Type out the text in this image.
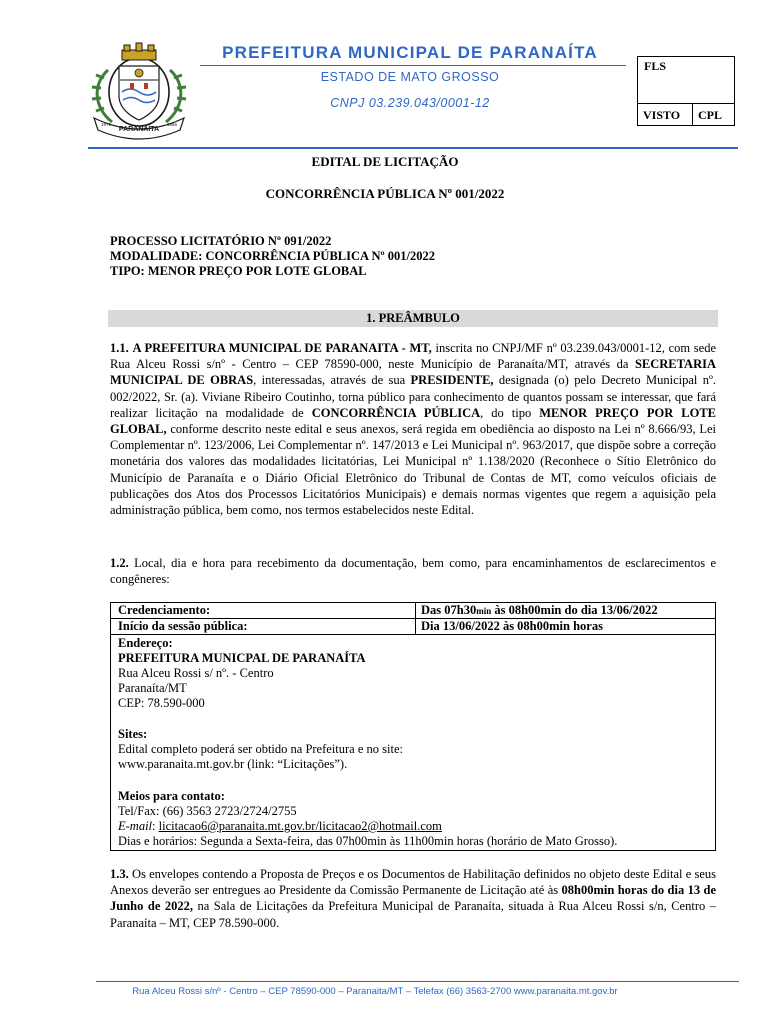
PARANAÍTA
1979	1986
PREFEITURA MUNICIPAL DE PARANAÍTA
ESTADO DE MATO GROSSO
CNPJ 03.239.043/0001-12
FLS
VISTO CPL
EDITAL DE LICITAÇÃO
CONCORRÊNCIA PÚBLICA Nº 001/2022
PROCESSO LICITATÓRIO Nº 091/2022
MODALIDADE: CONCORRÊNCIA PÚBLICA Nº 001/2022
TIPO: MENOR PREÇO POR LOTE GLOBAL
1. PREÂMBULO
1.1. A PREFEITURA MUNICIPAL DE PARANAITA - MT, inscrita no CNPJ/MF nº 03.239.043/0001-12, com sede Rua Alceu Rossi s/nº - Centro – CEP 78590-000, neste Município de Paranaíta/MT, através da SECRETARIA MUNICIPAL DE OBRAS, interessadas, através de sua PRESIDENTE, designada (o) pelo Decreto Municipal nº. 002/2022, Sr. (a). Viviane Ribeiro Coutinho, torna público para conhecimento de quantos possam se interessar, que fará realizar licitação na modalidade de CONCORRÊNCIA PÚBLICA, do tipo MENOR PREÇO POR LOTE GLOBAL, conforme descrito neste edital e seus anexos, será regida em obediência ao disposto na Lei nº 8.666/93, Lei Complementar nº. 123/2006, Lei Complementar nº. 147/2013 e Lei Municipal nº. 963/2017, que dispõe sobre a correção monetária dos valores das modalidades licitatórias, Lei Municipal nº 1.138/2020 (Reconhece o Sítio Eletrônico do Município de Paranaíta e o Diário Oficial Eletrônico do Tribunal de Contas de MT, como veículos oficiais de publicações dos Atos dos Processos Licitatórios Municipais) e demais normas vigentes que regem a aquisição pela administração pública, bem como, nos termos estabelecidos neste Edital.
1.2. Local, dia e hora para recebimento da documentação, bem como, para encaminhamentos de esclarecimentos e congêneres:
Credenciamento:	Das 07h30min às 08h00min do dia 13/06/2022
Início da sessão pública:	Dia 13/06/2022 às 08h00min horas
Endereço:
PREFEITURA MUNICPAL DE PARANAÍTA
Rua Alceu Rossi s/ nº. - Centro
Paranaíta/MT
CEP: 78.590-000
Sites:
Edital completo poderá ser obtido na Prefeitura e no site:
www.paranaita.mt.gov.br (link: “Licitações”).
Meios para contato:
Tel/Fax: (66) 3563 2723/2724/2755
E-mail: licitacao6@paranaita.mt.gov.br/licitacao2@hotmail.com
Dias e horários: Segunda a Sexta-feira, das 07h00min às 11h00min horas (horário de Mato Grosso).
1.3. Os envelopes contendo a Proposta de Preços e os Documentos de Habilitação definidos no objeto deste Edital e seus Anexos deverão ser entregues ao Presidente da Comissão Permanente de Licitação até às 08h00min horas do dia 13 de Junho de 2022, na Sala de Licitações da Prefeitura Municipal de Paranaíta, situada à Rua Alceu Rossi s/n, Centro – Paranaíta – MT, CEP 78.590-000.
Rua Alceu Rossi s/nº - Centro – CEP 78590-000 – Paranaita/MT – Telefax (66) 3563-2700 www.paranaita.mt.gov.br
